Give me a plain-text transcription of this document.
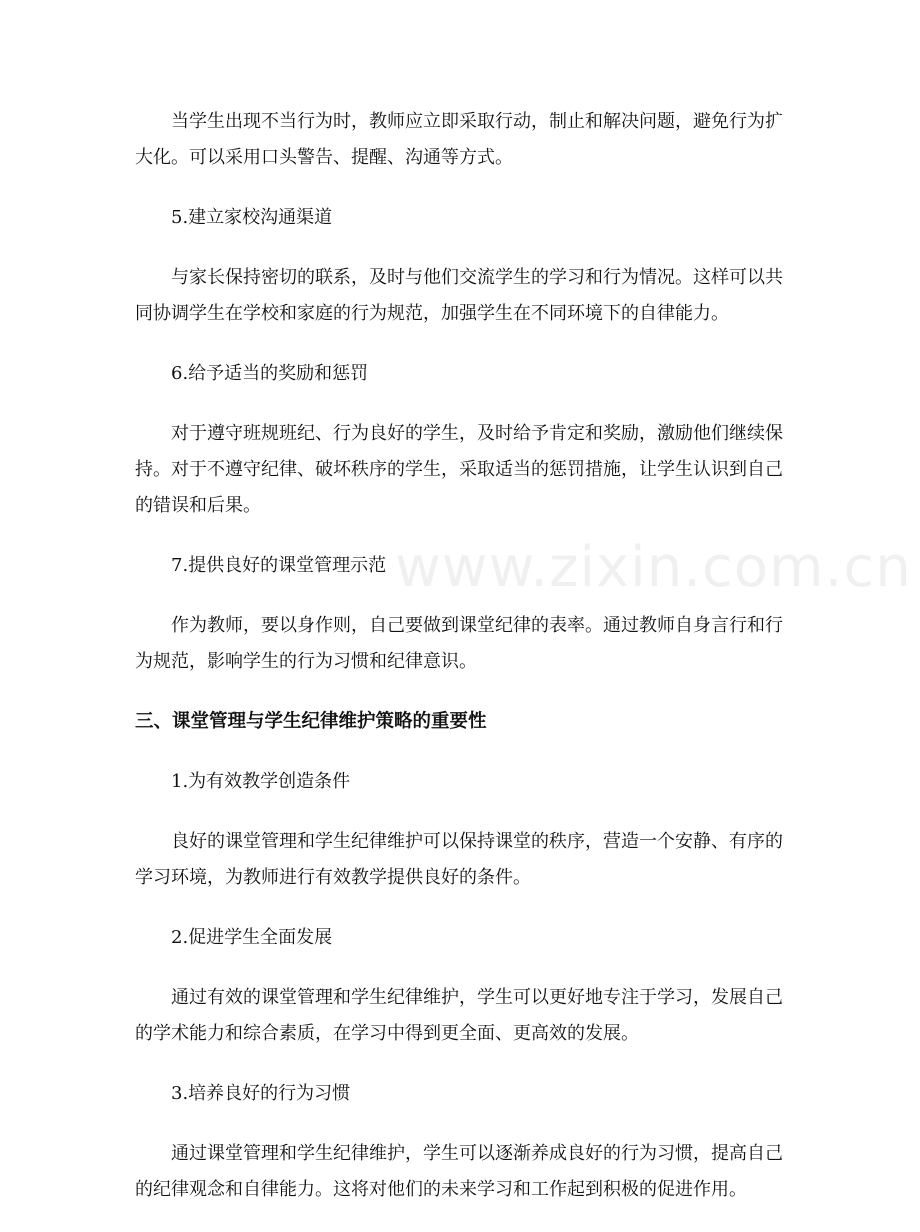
当学生出现不当行为时，教师应立即采取行动，制止和解决问题，避免行为扩大化。可以采用口头警告、提醒、沟通等方式。

5.建立家校沟通渠道

与家长保持密切的联系，及时与他们交流学生的学习和行为情况。这样可以共同协调学生在学校和家庭的行为规范，加强学生在不同环境下的自律能力。

6.给予适当的奖励和惩罚

对于遵守班规班纪、行为良好的学生，及时给予肯定和奖励，激励他们继续保持。对于不遵守纪律、破坏秩序的学生，采取适当的惩罚措施，让学生认识到自己的错误和后果。

7.提供良好的课堂管理示范

作为教师，要以身作则，自己要做到课堂纪律的表率。通过教师自身言行和行为规范，影响学生的行为习惯和纪律意识。

三、课堂管理与学生纪律维护策略的重要性

1.为有效教学创造条件

良好的课堂管理和学生纪律维护可以保持课堂的秩序，营造一个安静、有序的学习环境，为教师进行有效教学提供良好的条件。

2.促进学生全面发展

通过有效的课堂管理和学生纪律维护，学生可以更好地专注于学习，发展自己的学术能力和综合素质，在学习中得到更全面、更高效的发展。

3.培养良好的行为习惯

通过课堂管理和学生纪律维护，学生可以逐渐养成良好的行为习惯，提高自己的纪律观念和自律能力。这将对他们的未来学习和工作起到积极的促进作用。

www.zixin.com.cn
